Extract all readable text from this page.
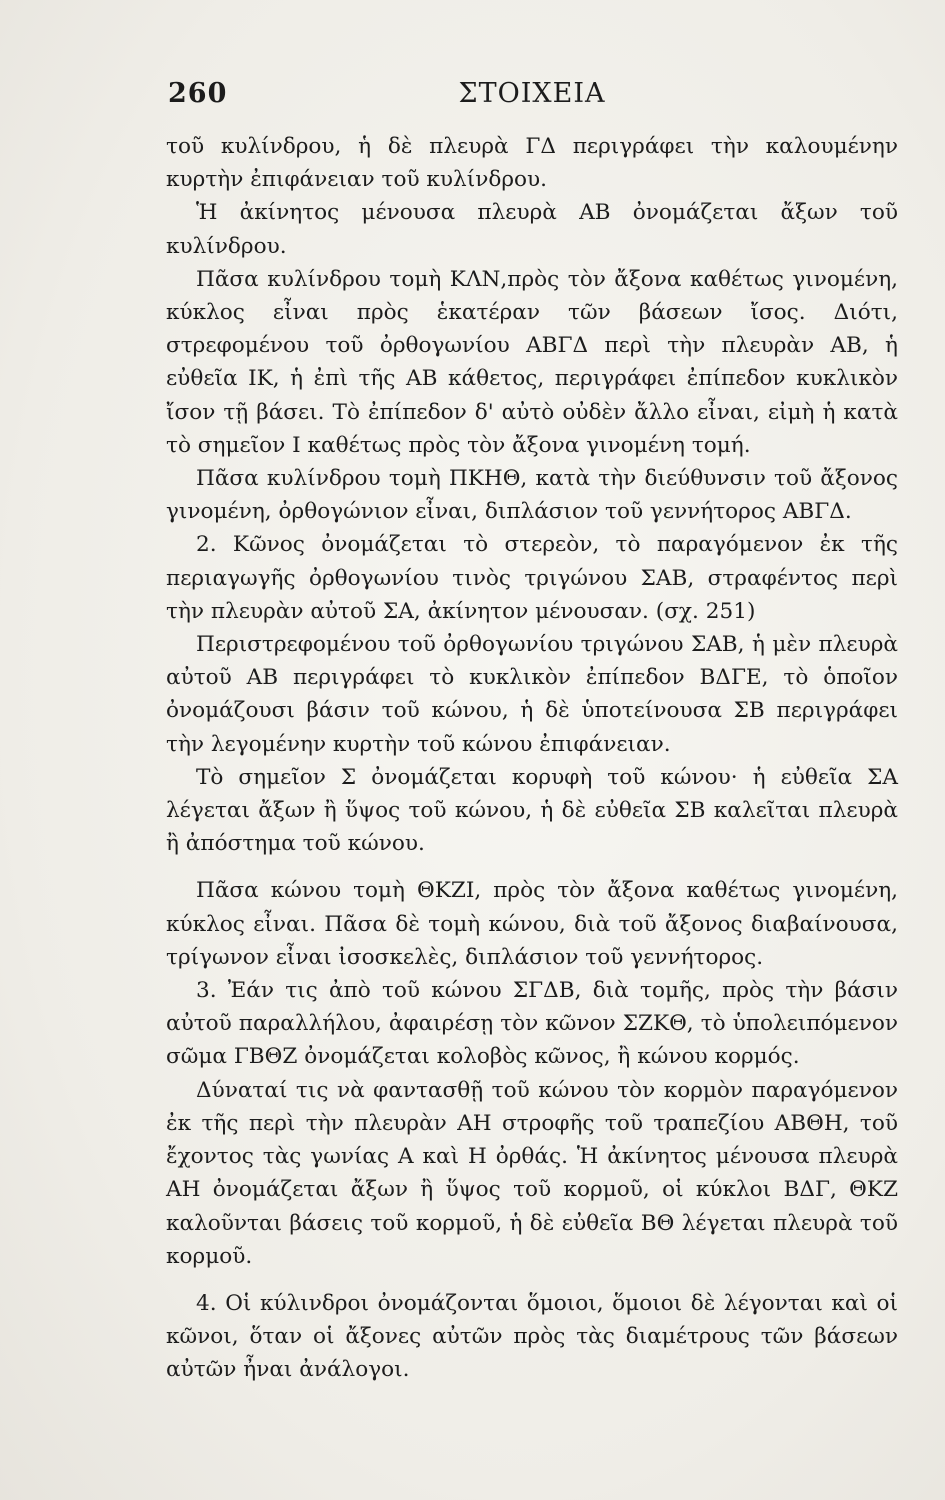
260	ΣΤΟΙΧΕΙΑ

τοῦ κυλίνδρου, ἡ δὲ πλευρὰ ΓΔ περιγράφει τὴν καλουμένην κυρτὴν ἐπιφάνειαν τοῦ κυλίνδρου.

Ἡ ἀκίνητος μένουσα πλευρὰ ΑΒ ὀνομάζεται ἄξων τοῦ κυλίνδρου.

Πᾶσα κυλίνδρου τομὴ ΚΛΝ,πρὸς τὸν ἄξονα καθέτως γινομένη, κύκλος εἶναι πρὸς ἑκατέραν τῶν βάσεων ἴσος. Διότι, στρεφομένου τοῦ ὀρθογωνίου ΑΒΓΔ περὶ τὴν πλευρὰν ΑΒ, ἡ εὐθεῖα ΙΚ, ἡ ἐπὶ τῆς ΑΒ κάθετος, περιγράφει ἐπίπεδον κυκλικὸν ἴσον τῇ βάσει. Τὸ ἐπίπεδον δ' αὐτὸ οὐδὲν ἄλλο εἶναι, εἰμὴ ἡ κατὰ τὸ σημεῖον Ι καθέτως πρὸς τὸν ἄξονα γινομένη τομή.

Πᾶσα κυλίνδρου τομὴ ΠΚΗΘ, κατὰ τὴν διεύθυνσιν τοῦ ἄξονος γινομένη, ὀρθογώνιον εἶναι, διπλάσιον τοῦ γεννήτορος ΑΒΓΔ.

2. Κῶνος ὀνομάζεται τὸ στερεὸν, τὸ παραγόμενον ἐκ τῆς περιαγωγῆς ὀρθογωνίου τινὸς τριγώνου ΣΑΒ, στραφέντος περὶ τὴν πλευρὰν αὐτοῦ ΣΑ, ἀκίνητον μένουσαν. (σχ. 251)

Περιστρεφομένου τοῦ ὀρθογωνίου τριγώνου ΣΑΒ, ἡ μὲν πλευρὰ αὐτοῦ ΑΒ περιγράφει τὸ κυκλικὸν ἐπίπεδον ΒΔΓΕ, τὸ ὁποῖον ὀνομάζουσι βάσιν τοῦ κώνου, ἡ δὲ ὑποτείνουσα ΣΒ περιγράφει τὴν λεγομένην κυρτὴν τοῦ κώνου ἐπιφάνειαν.

Τὸ σημεῖον Σ ὀνομάζεται κορυφὴ τοῦ κώνου· ἡ εὐθεῖα ΣΑ λέγεται ἄξων ἢ ὕψος τοῦ κώνου, ἡ δὲ εὐθεῖα ΣΒ καλεῖται πλευρὰ ἢ ἀπόστημα τοῦ κώνου.

Πᾶσα κώνου τομὴ ΘΚΖΙ, πρὸς τὸν ἄξονα καθέτως γινομένη, κύκλος εἶναι. Πᾶσα δὲ τομὴ κώνου, διὰ τοῦ ἄξονος διαβαίνουσα, τρίγωνον εἶναι ἰσοσκελὲς, διπλάσιον τοῦ γεννήτορος.

3. Ἐάν τις ἀπὸ τοῦ κώνου ΣΓΔΒ, διὰ τομῆς, πρὸς τὴν βάσιν αὐτοῦ παραλλήλου, ἀφαιρέσῃ τὸν κῶνον ΣΖΚΘ, τὸ ὑπολειπόμενον σῶμα ΓΒΘΖ ὀνομάζεται κολοβὸς κῶνος, ἢ κώνου κορμός.

Δύναταί τις νὰ φαντασθῇ τοῦ κώνου τὸν κορμὸν παραγόμενον ἐκ τῆς περὶ τὴν πλευρὰν ΑΗ στροφῆς τοῦ τραπεζίου ΑΒΘΗ, τοῦ ἔχοντος τὰς γωνίας Α καὶ Η ὀρθάς. Ἡ ἀκίνητος μένουσα πλευρὰ ΑΗ ὀνομάζεται ἄξων ἢ ὕψος τοῦ κορμοῦ, οἱ κύκλοι ΒΔΓ, ΘΚΖ καλοῦνται βάσεις τοῦ κορμοῦ, ἡ δὲ εὐθεῖα ΒΘ λέγεται πλευρὰ τοῦ κορμοῦ.

4. Οἱ κύλινδροι ὀνομάζονται ὅμοιοι, ὅμοιοι δὲ λέγονται καὶ οἱ κῶνοι, ὅταν οἱ ἄξονες αὐτῶν πρὸς τὰς διαμέτρους τῶν βάσεων αὐτῶν ἦναι ἀνάλογοι.
